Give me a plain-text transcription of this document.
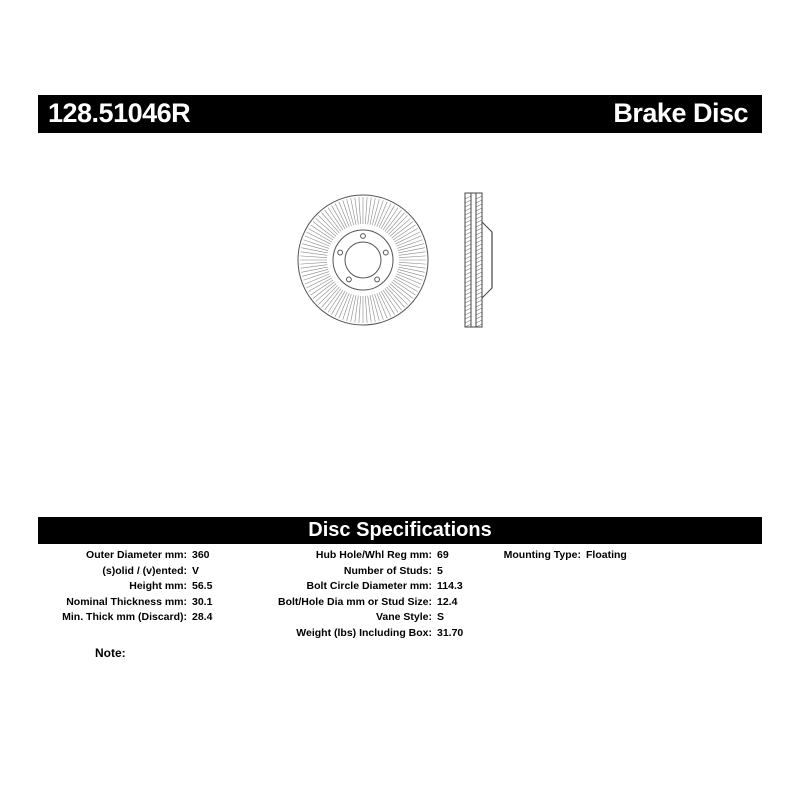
128.51046R	Brake Disc
Disc Specifications
Outer Diameter mm: 360
(s)olid / (v)ented: V
Height mm: 56.5
Nominal Thickness mm: 30.1
Min. Thick mm (Discard): 28.4
Hub Hole/Whl Reg mm: 69
Number of Studs: 5
Bolt Circle Diameter mm: 114.3
Bolt/Hole Dia mm or Stud Size: 12.4
Vane Style: S
Weight (lbs) Including Box: 31.70
Mounting Type: Floating
Note:
